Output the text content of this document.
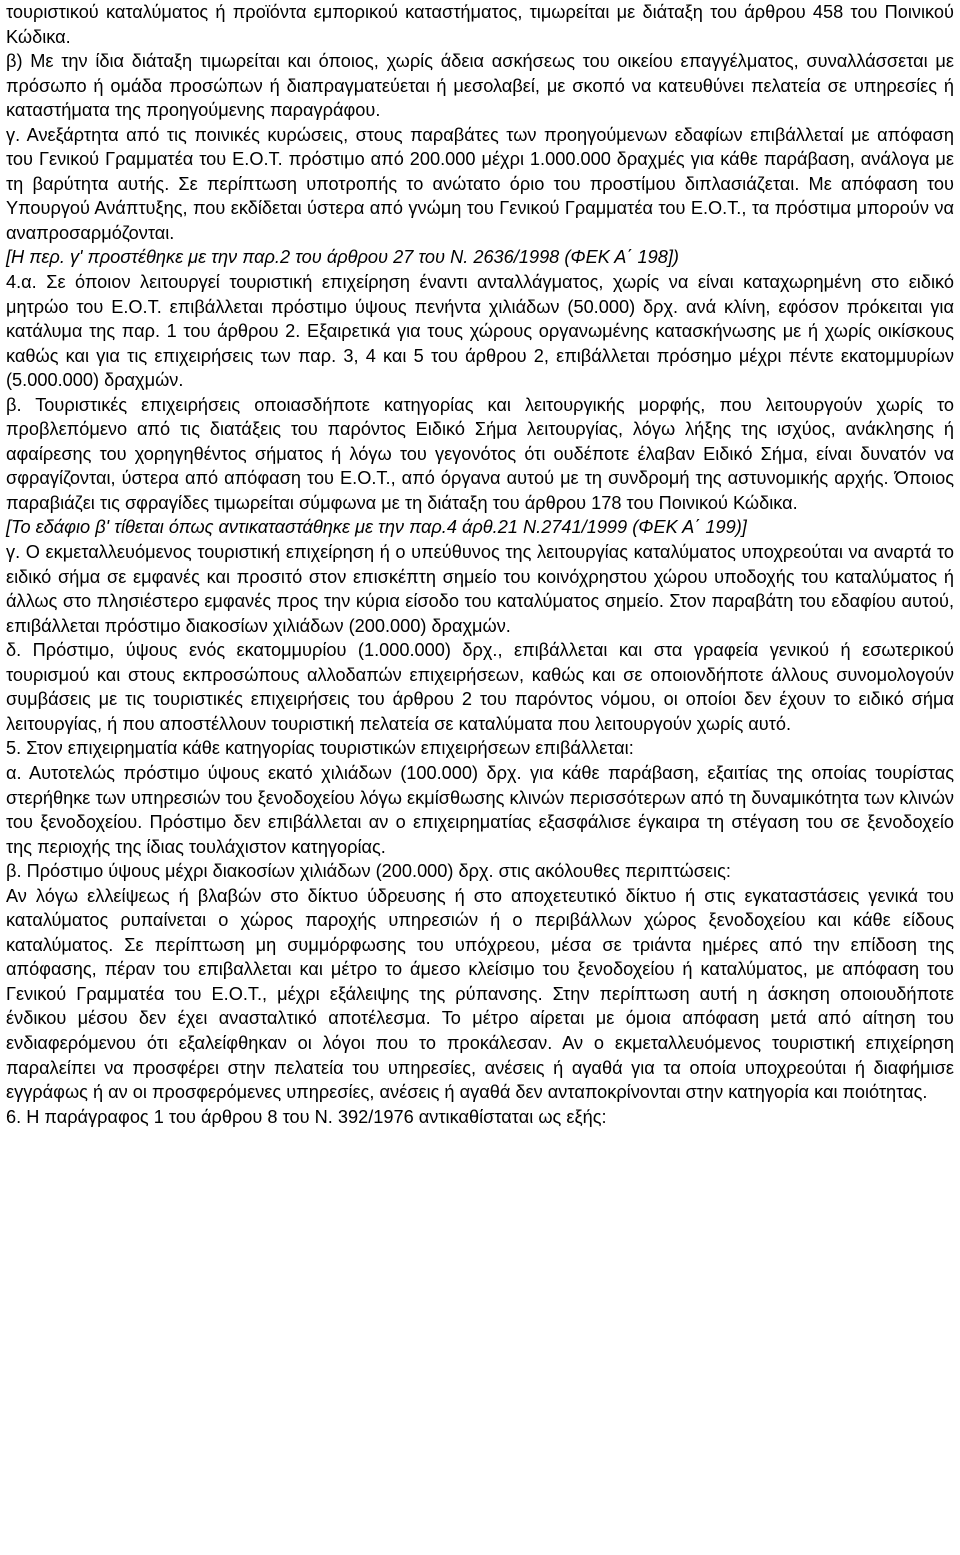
τουριστικού καταλύματος ή προϊόντα εμπορικού καταστήματος, τιμωρείται με διάταξη του άρθρου 458 του Ποινικού Κώδικα.

β) Με την ίδια διάταξη τιμωρείται και όποιος, χωρίς άδεια ασκήσεως του οικείου επαγγέλματος, συναλλάσσεται με πρόσωπο ή ομάδα προσώπων ή διαπραγματεύεται ή μεσολαβεί, με σκοπό να κατευθύνει πελατεία σε υπηρεσίες ή καταστήματα της προηγούμενης παραγράφου.

γ. Ανεξάρτητα από τις ποινικές κυρώσεις, στους παραβάτες των προηγούμενων εδαφίων επιβάλλεταί με απόφαση του Γενικού Γραμματέα του Ε.Ο.Τ. πρόστιμο από 200.000 μέχρι 1.000.000 δραχμές για κάθε παράβαση, ανάλογα με τη βαρύτητα αυτής. Σε περίπτωση υποτροπής το ανώτατο όριο του προστίμου διπλασιάζεται. Με απόφαση του Υπουργού Ανάπτυξης, που εκδίδεται ύστερα από γνώμη του Γενικού Γραμματέα του Ε.Ο.Τ., τα πρόστιμα μπορούν να αναπροσαρμόζονται.

[Η περ. γ' προστέθηκε με την παρ.2 του άρθρου 27 του Ν. 2636/1998 (ΦΕΚ Α΄ 198])

4.α. Σε όποιον λειτουργεί τουριστική επιχείρηση έναντι ανταλλάγματος, χωρίς να είναι καταχωρημένη στο ειδικό μητρώο του Ε.Ο.Τ. επιβάλλεται πρόστιμο ύψους πενήντα χιλιάδων (50.000) δρχ. ανά κλίνη, εφόσον πρόκειται για κατάλυμα της παρ. 1 του άρθρου 2. Εξαιρετικά για τους χώρους οργανωμένης κατασκήνωσης με ή χωρίς οικίσκους καθώς και για τις επιχειρήσεις των παρ. 3, 4 και 5 του άρθρου 2, επιβάλλεται πρόσημο μέχρι πέντε εκατομμυρίων (5.000.000) δραχμών.

β. Τουριστικές επιχειρήσεις οποιασδήποτε κατηγορίας και λειτουργικής μορφής, που λειτουργούν χωρίς το προβλεπόμενο από τις διατάξεις του παρόντος Ειδικό Σήμα λειτουργίας, λόγω λήξης της ισχύος, ανάκλησης ή αφαίρεσης του χορηγηθέντος σήματος ή λόγω του γεγονότος ότι ουδέποτε έλαβαν Ειδικό Σήμα, είναι δυνατόν να σφραγίζονται, ύστερα από απόφαση του Ε.Ο.Τ., από όργανα αυτού με τη συνδρομή της αστυνομικής αρχής. Όποιος παραβιάζει τις σφραγίδες τιμωρείται σύμφωνα με τη διάταξη του άρθρου 178 του Ποινικού Κώδικα.

[Το εδάφιο β' τίθεται όπως αντικαταστάθηκε με την παρ.4 άρθ.21 Ν.2741/1999 (ΦΕΚ Α΄ 199)]

γ. Ο εκμεταλλευόμενος τουριστική επιχείρηση ή ο υπεύθυνος της λειτουργίας καταλύματος υποχρεούται να αναρτά το ειδικό σήμα σε εμφανές και προσιτό στον επισκέπτη σημείο του κοινόχρηστου χώρου υποδοχής του καταλύματος ή άλλως στο πλησιέστερο εμφανές προς την κύρια είσοδο του καταλύματος σημείο. Στον παραβάτη του εδαφίου αυτού, επιβάλλεται πρόστιμο διακοσίων χιλιάδων (200.000) δραχμών.

δ. Πρόστιμο, ύψους ενός εκατομμυρίου (1.000.000) δρχ., επιβάλλεται και στα γραφεία γενικού ή εσωτερικού τουρισμού και στους εκπροσώπους αλλοδαπών επιχειρήσεων, καθώς και σε οποιονδήποτε άλλους συνομολογούν συμβάσεις με τις τουριστικές επιχειρήσεις του άρθρου 2 του παρόντος νόμου, οι οποίοι δεν έχουν το ειδικό σήμα λειτουργίας, ή που αποστέλλουν τουριστική πελατεία σε καταλύματα που λειτουργούν χωρίς αυτό.

5. Στον επιχειρηματία κάθε κατηγορίας τουριστικών επιχειρήσεων επιβάλλεται:

α. Αυτοτελώς πρόστιμο ύψους εκατό χιλιάδων (100.000) δρχ. για κάθε παράβαση, εξαιτίας της οποίας τουρίστας στερήθηκε των υπηρεσιών του ξενοδοχείου λόγω εκμίσθωσης κλινών περισσότερων από τη δυναμικότητα των κλινών του ξενοδοχείου. Πρόστιμο δεν επιβάλλεται αν ο επιχειρηματίας εξασφάλισε έγκαιρα τη στέγαση του σε ξενοδοχείο της περιοχής της ίδιας τουλάχιστον κατηγορίας.

β. Πρόστιμο ύψους μέχρι διακοσίων χιλιάδων (200.000) δρχ. στις ακόλουθες περιπτώσεις:

Αν λόγω ελλείψεως ή βλαβών στο δίκτυο ύδρευσης ή στο αποχετευτικό δίκτυο ή στις εγκαταστάσεις γενικά του καταλύματος ρυπαίνεται ο χώρος παροχής υπηρεσιών ή ο περιβάλλων χώρος ξενοδοχείου και κάθε είδους καταλύματος. Σε περίπτωση μη συμμόρφωσης του υπόχρεου, μέσα σε τριάντα ημέρες από την επίδοση της απόφασης, πέραν του επιβαλλεται και μέτρο το άμεσο κλείσιμο του ξενοδοχείου ή καταλύματος, με απόφαση του Γενικού Γραμματέα του Ε.Ο.Τ., μέχρι εξάλειψης της ρύπανσης. Στην περίπτωση αυτή η άσκηση οποιουδήποτε ένδικου μέσου δεν έχει ανασταλτικό αποτέλεσμα. Το μέτρο αίρεται με όμοια απόφαση μετά από αίτηση του ενδιαφερόμενου ότι εξαλείφθηκαν οι λόγοι που το προκάλεσαν. Αν ο εκμεταλλευόμενος τουριστική επιχείρηση παραλείπει να προσφέρει στην πελατεία του υπηρεσίες, ανέσεις ή αγαθά για τα οποία υποχρεούται ή διαφήμισε εγγράφως ή αν οι προσφερόμενες υπηρεσίες, ανέσεις ή αγαθά δεν ανταποκρίνονται στην κατηγορία και ποιότητας.

6. Η παράγραφος 1 του άρθρου 8 του Ν. 392/1976 αντικαθίσταται ως εξής:
